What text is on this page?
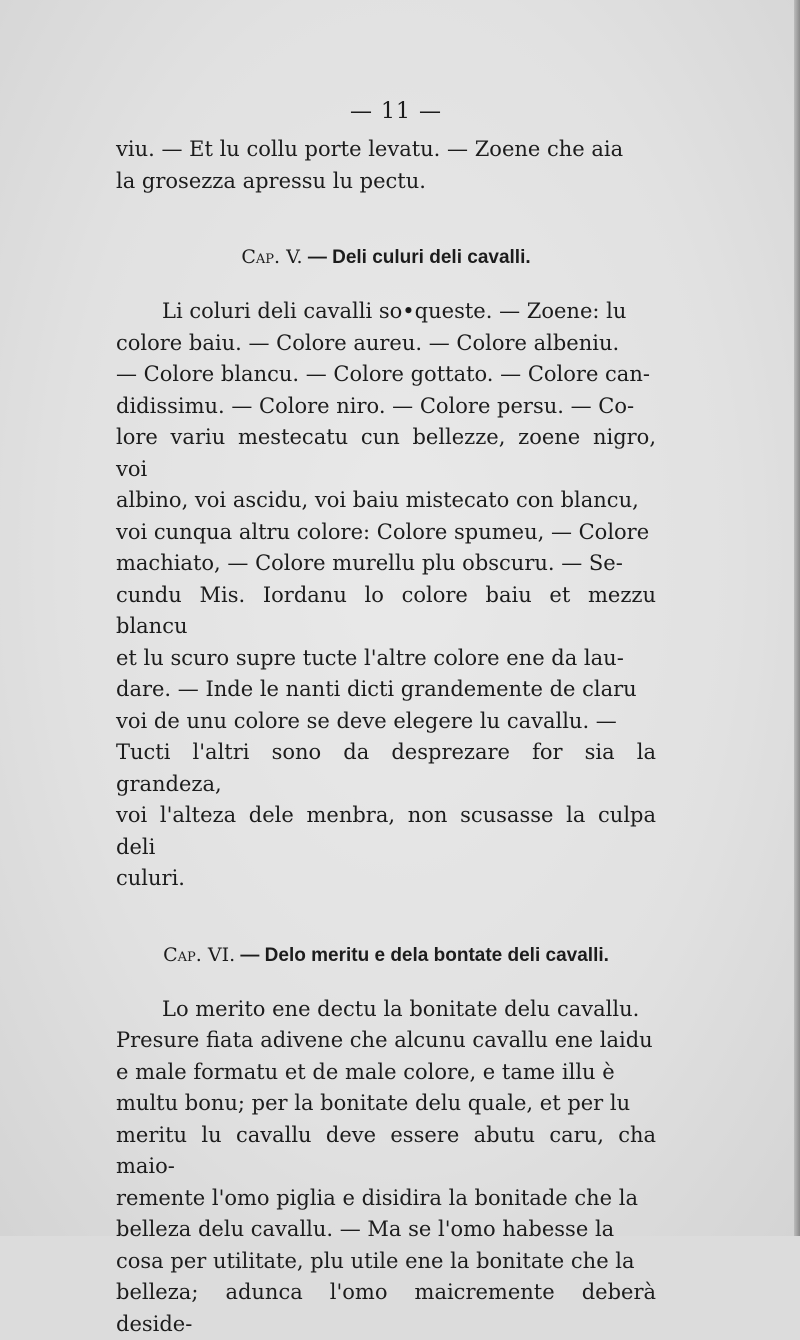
— 11 —

viu. — Et lu collu porte levatu. — Zoene che aia

la grosezza apressu lu pectu.

Cap. V. — Deli culuri deli cavalli.

Li coluri deli cavalli so•queste. — Zoene: lu

colore baiu. — Colore aureu. — Colore albeniu.

— Colore blancu. — Colore gottato. — Colore can-

didissimu. — Colore niro. — Colore persu. — Co-

lore variu mestecatu cun bellezze, zoene nigro, voi

albino, voi ascidu, voi baiu mistecato con blancu,

voi cunqua altru colore: Colore spumeu, — Colore

machiato, — Colore murellu plu obscuru. — Se-

cundu Mis. Iordanu lo colore baiu et mezzu blancu

et lu scuro supre tucte l'altre colore ene da lau-

dare. — Inde le nanti dicti grandemente de claru

voi de unu colore se deve elegere lu cavallu. —

Tucti l'altri sono da desprezare for sia la grandeza,

voi l'alteza dele menbra, non scusasse la culpa deli

culuri.

Cap. VI. — Delo meritu e dela bontate deli cavalli.

Lo merito ene dectu la bonitate delu cavallu.

Presure fiata adivene che alcunu cavallu ene laidu

e male formatu et de male colore, e tame illu è

multu bonu; per la bonitate delu quale, et per lu

meritu lu cavallu deve essere abutu caru, cha maio-

remente l'omo piglia e disidira la bonitade che la

belleza delu cavallu. — Ma se l'omo habesse la

cosa per utilitate, plu utile ene la bonitate che la

belleza; adunca l'omo maicremente deberà deside-
